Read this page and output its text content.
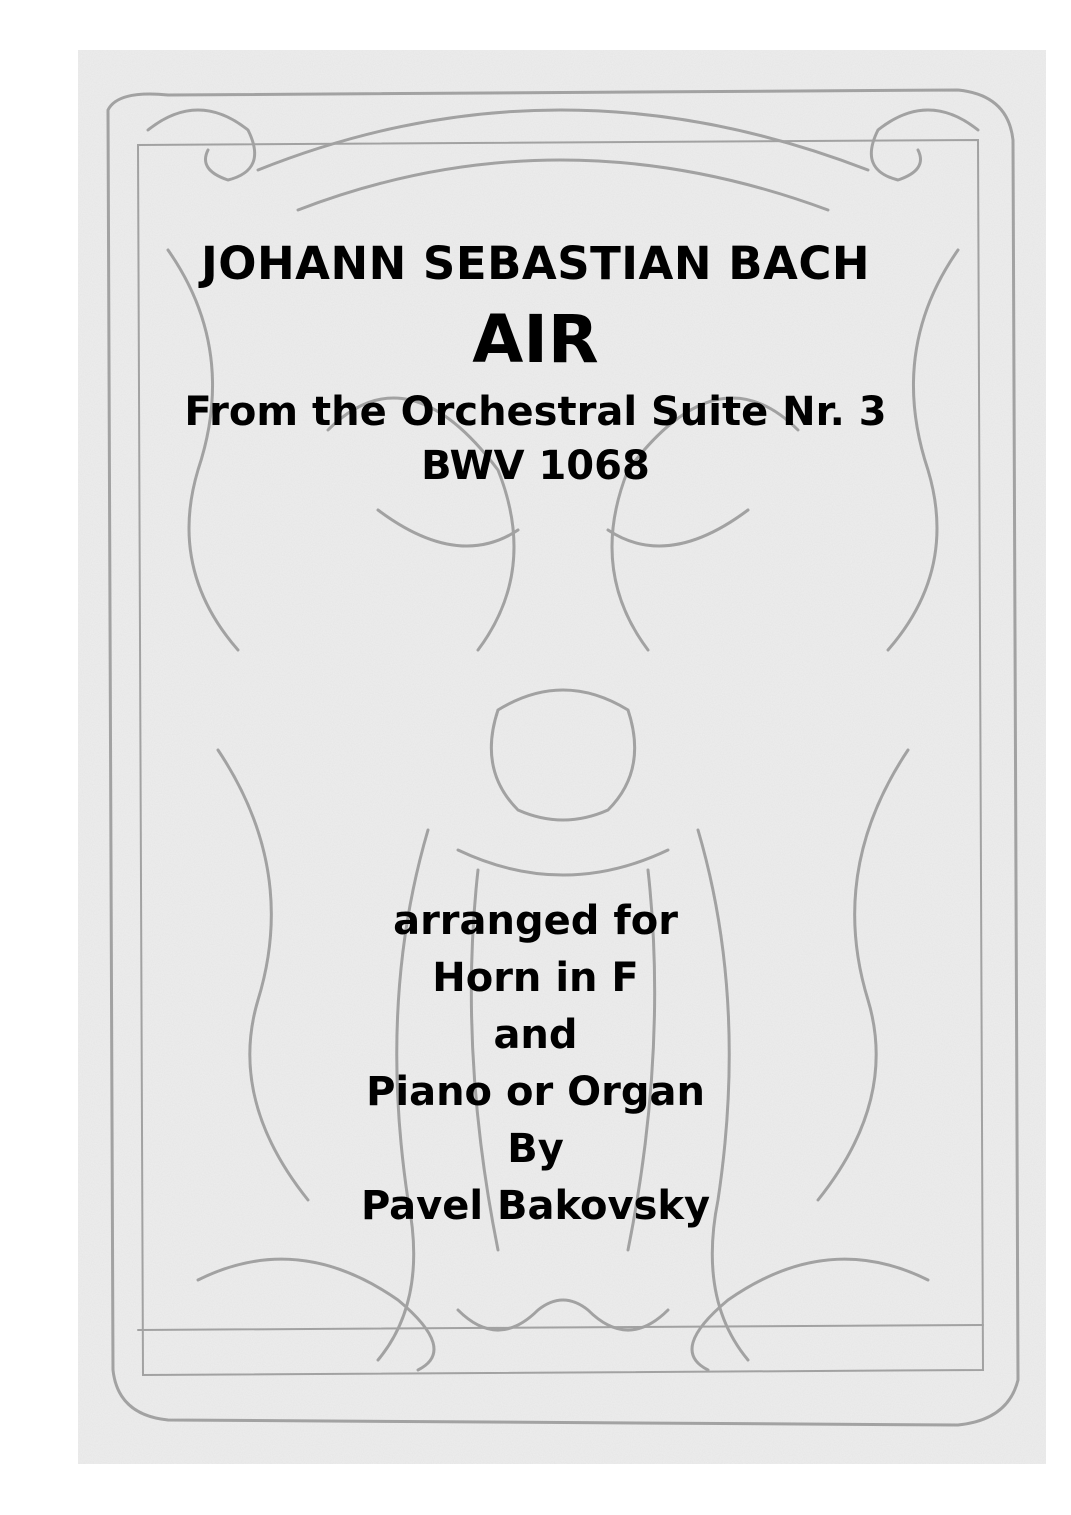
JOHANN SEBASTIAN BACH
AIR
From the Orchestral Suite Nr. 3
BWV 1068
arranged for
Horn in F
and
Piano or Organ
By
Pavel Bakovsky
